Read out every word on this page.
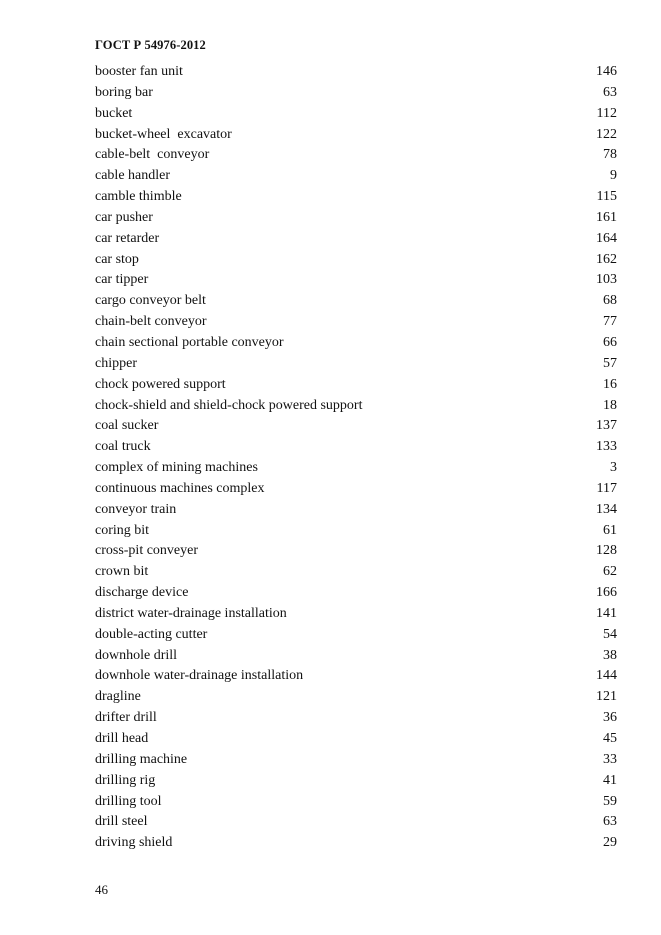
ГОСТ Р 54976-2012
booster fan unit	146
boring bar	63
bucket	112
bucket-wheel  excavator	122
cable-belt  conveyor	78
cable handler	9
camble thimble	115
car pusher	161
car retarder	164
car stop	162
car tipper	103
cargo conveyor belt	68
chain-belt conveyor	77
chain sectional portable conveyor	66
chipper	57
chock powered support	16
chock-shield and shield-chock powered support	18
coal sucker	137
coal truck	133
complex of mining machines	3
continuous machines complex	117
conveyor train	134
coring bit	61
cross-pit conveyer	128
crown bit	62
discharge device	166
district water-drainage installation	141
double-acting cutter	54
downhole drill	38
downhole water-drainage installation	144
dragline	121
drifter drill	36
drill head	45
drilling machine	33
drilling rig	41
drilling tool	59
drill steel	63
driving shield	29
46
